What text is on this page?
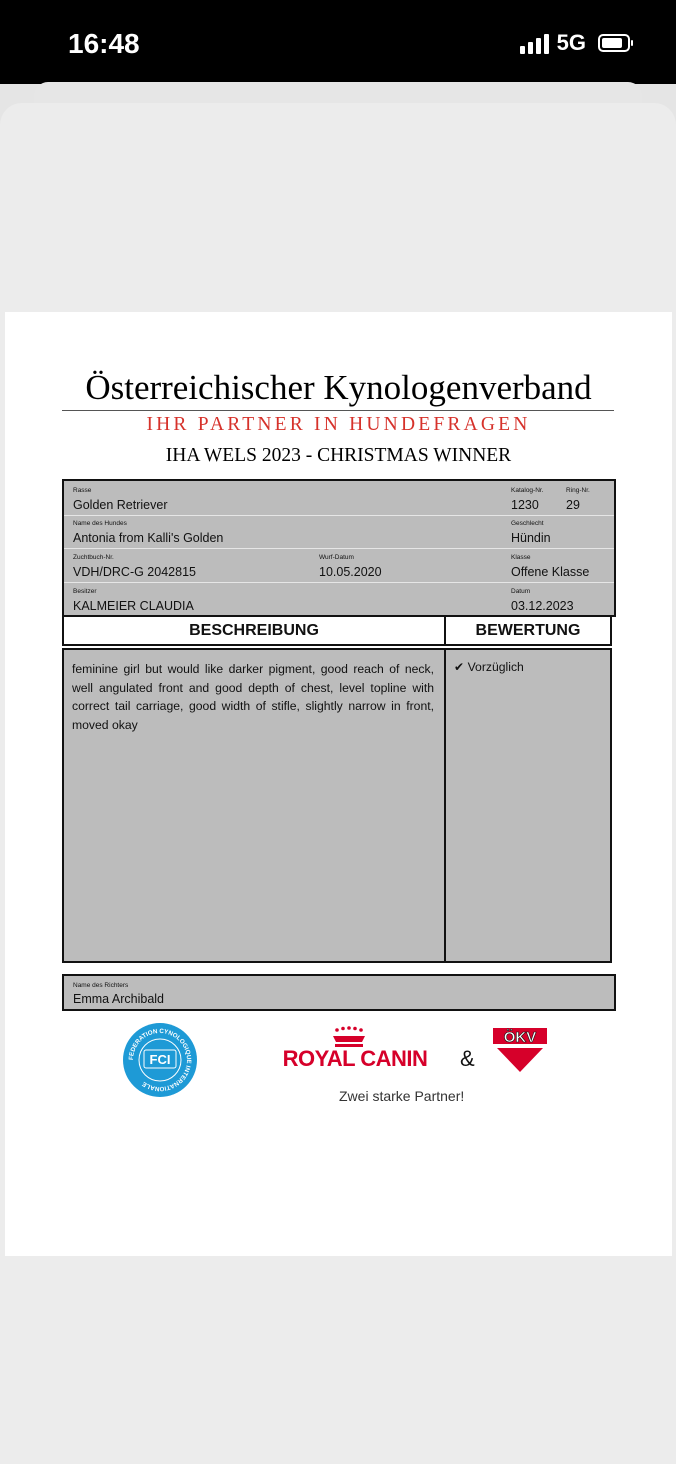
16:48	5G
Österreichischer Kynologenverband
IHR PARTNER IN HUNDEFRAGEN
IHA WELS 2023 - CHRISTMAS WINNER
Rasse
Golden Retriever
Katalog-Nr.
1230
Ring-Nr.
29
Name des Hundes
Antonia from Kalli's Golden
Geschlecht
Hündin
Zuchtbuch-Nr.
VDH/DRC-G 2042815
Wurf-Datum
10.05.2020
Klasse
Offene Klasse
Besitzer
KALMEIER CLAUDIA
Datum
03.12.2023
BESCHREIBUNG	BEWERTUNG
feminine girl but would like darker pigment, good reach of neck, well angulated front and good depth of chest, level topline with correct tail carriage, good width of stifle, slightly narrow in front, moved okay
✔ Vorzüglich
Name des Richters
Emma Archibald
FEDERATION CYNOLOGIQUE INTERNATIONALE
FCI	ROYAL CANIN &
ÖKV
Zwei starke Partner!
